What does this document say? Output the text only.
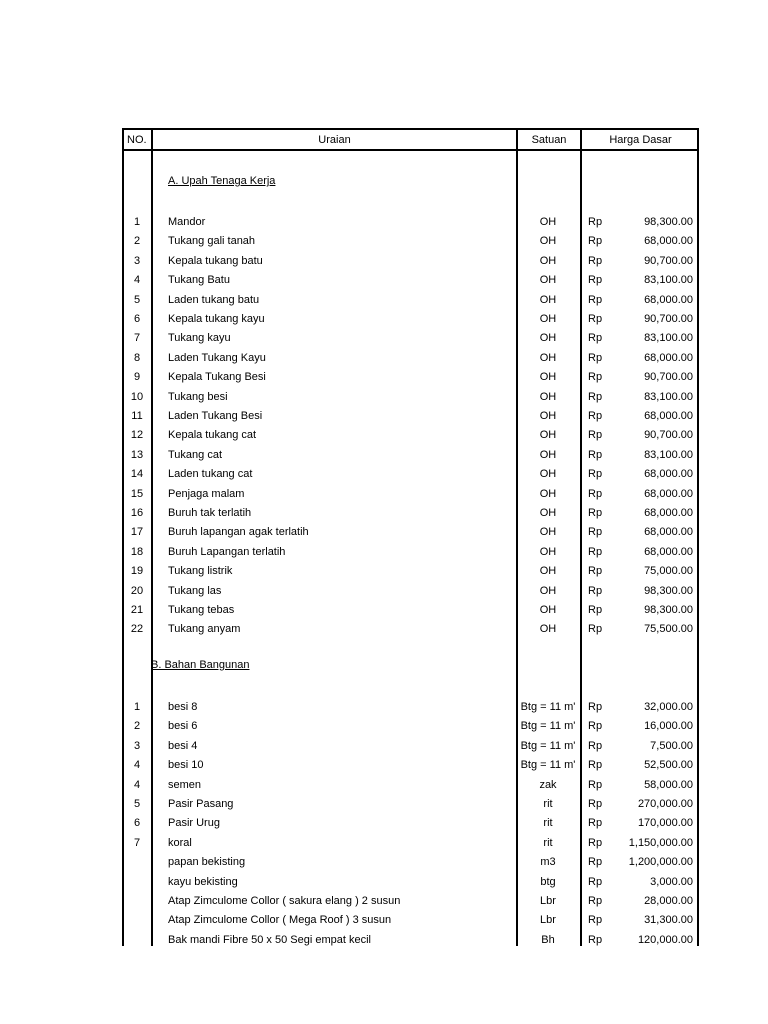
NO.	Uraian	Satuan	Harga Dasar
A. Upah Tenaga Kerja
B. Bahan Bangunan
1	Mandor	OH	Rp	98,300.00
2	Tukang gali tanah	OH	Rp	68,000.00
3	Kepala tukang batu	OH	Rp	90,700.00
4	Tukang Batu	OH	Rp	83,100.00
5	Laden tukang batu	OH	Rp	68,000.00
6	Kepala tukang kayu	OH	Rp	90,700.00
7	Tukang kayu	OH	Rp	83,100.00
8	Laden Tukang Kayu	OH	Rp	68,000.00
9	Kepala Tukang Besi	OH	Rp	90,700.00
10	Tukang besi	OH	Rp	83,100.00
11	Laden Tukang Besi	OH	Rp	68,000.00
12	Kepala tukang cat	OH	Rp	90,700.00
13	Tukang cat	OH	Rp	83,100.00
14	Laden tukang cat	OH	Rp	68,000.00
15	Penjaga malam	OH	Rp	68,000.00
16	Buruh tak terlatih	OH	Rp	68,000.00
17	Buruh lapangan agak terlatih	OH	Rp	68,000.00
18	Buruh Lapangan terlatih	OH	Rp	68,000.00
19	Tukang listrik	OH	Rp	75,000.00
20	Tukang las	OH	Rp	98,300.00
21	Tukang tebas	OH	Rp	98,300.00
22	Tukang anyam	OH	Rp	75,500.00
1	besi 8	Btg = 11 m'	Rp	32,000.00
2	besi 6	Btg = 11 m'	Rp	16,000.00
3	besi 4	Btg = 11 m'	Rp	7,500.00
4	besi 10	Btg = 11 m'	Rp	52,500.00
4	semen	zak	Rp	58,000.00
5	Pasir Pasang	rit	Rp	270,000.00
6	Pasir Urug	rit	Rp	170,000.00
7	koral	rit	Rp 1,150,000.00
papan bekisting	m3	Rp 1,200,000.00
kayu bekisting	btg	Rp	3,000.00
Atap Zimculome Collor ( sakura elang ) 2 susun	Lbr	Rp	28,000.00
Atap Zimculome Collor ( Mega Roof ) 3 susun	Lbr	Rp	31,300.00
Bak mandi Fibre 50 x 50 Segi empat kecil	Bh	Rp	120,000.00
